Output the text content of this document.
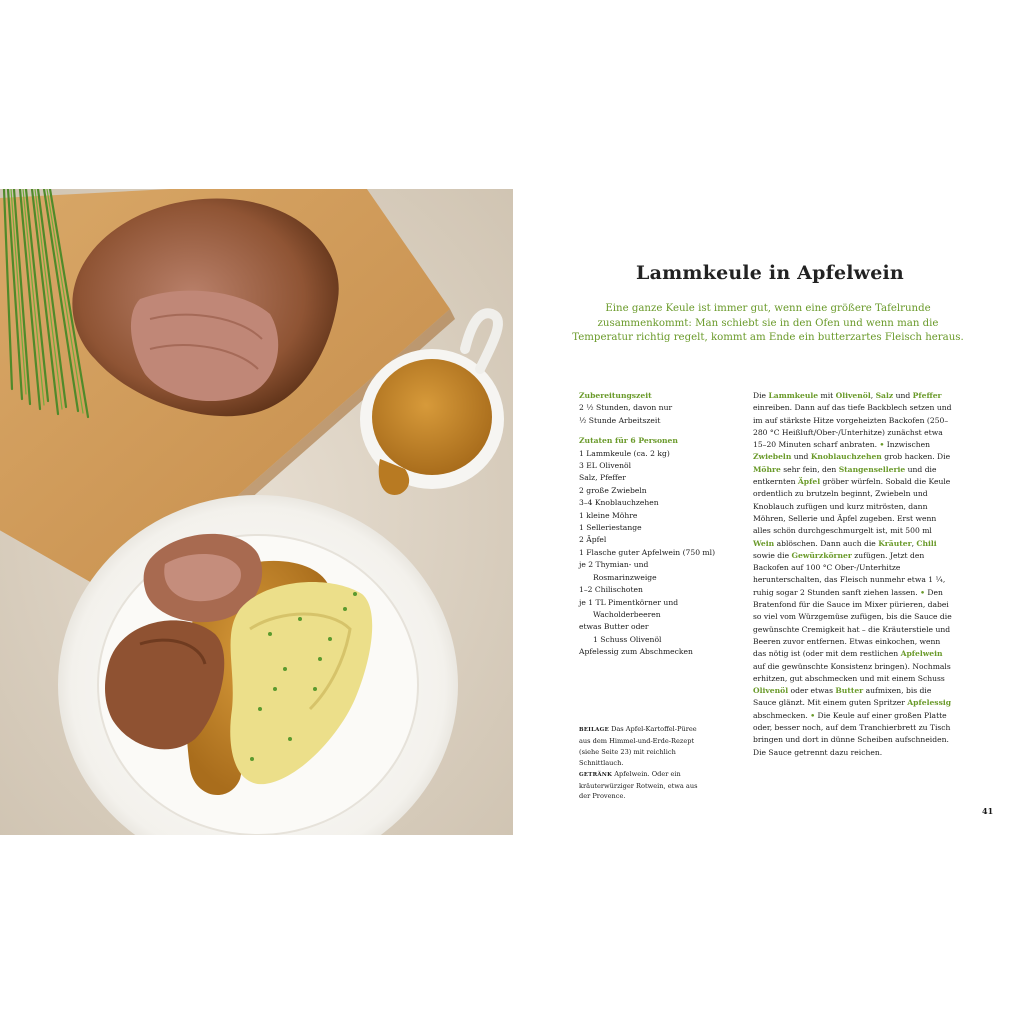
Lammkeule in Apfelwein
Eine ganze Keule ist immer gut, wenn eine größere Tafelrunde zusammenkommt: Man schiebt sie in den Ofen und wenn man die Temperatur richtig regelt, kommt am Ende ein butterzartes Fleisch heraus.
Zubereitungszeit
2 ½ Stunden, davon nur
½ Stunde Arbeitszeit
Zutaten für 6 Personen
1 Lammkeule (ca. 2 kg)
3 EL Olivenöl
Salz, Pfeffer
2 große Zwiebeln
3–4 Knoblauchzehen
1 kleine Möhre
1 Selleriestange
2 Äpfel
1 Flasche guter Apfelwein (750 ml)
je 2 Thymian- und
Rosmarinzweige
1–2 Chilischoten
je 1 TL Pimentkörner und
Wacholderbeeren
etwas Butter oder
1 Schuss Olivenöl
Apfelessig zum Abschmecken
BEILAGE Das Apfel-Kartoffel-Püree aus dem Himmel-und-Erde-Rezept (siehe Seite 23) mit reichlich Schnittlauch.
GETRÄNK Apfelwein. Oder ein kräuterwürziger Rotwein, etwa aus der Provence.
Die Lammkeule mit Olivenöl, Salz und Pfeffer einreiben. Dann auf das tiefe Backblech setzen und im auf stärkste Hitze vorgeheizten Backofen (250–280 °C Heißluft/Ober-/Unterhitze) zunächst etwa 15–20 Minuten scharf anbraten. • Inzwischen Zwiebeln und Knoblauchzehen grob hacken. Die Möhre sehr fein, den Stangensellerie und die entkernten Äpfel gröber würfeln. Sobald die Keule ordentlich zu brutzeln beginnt, Zwiebeln und Knoblauch zufügen und kurz mitrösten, dann Möhren, Sellerie und Äpfel zugeben. Erst wenn alles schön durchgeschmurgelt ist, mit 500 ml Wein ablöschen. Dann auch die Kräuter, Chili sowie die Gewürzkörner zufügen. Jetzt den Backofen auf 100 °C Ober-/Unterhitze herunterschalten, das Fleisch nunmehr etwa 1 ¼, ruhig sogar 2 Stunden sanft ziehen lassen. • Den Bratenfond für die Sauce im Mixer pürieren, dabei so viel vom Würzgemüse zufügen, bis die Sauce die gewünschte Cremigkeit hat – die Kräuterstiele und Beeren zuvor entfernen. Etwas einkochen, wenn das nötig ist (oder mit dem restlichen Apfelwein auf die gewünschte Konsistenz bringen). Nochmals erhitzen, gut abschmecken und mit einem Schuss Olivenöl oder etwas Butter aufmixen, bis die Sauce glänzt. Mit einem guten Spritzer Apfelessig abschmecken. • Die Keule auf einer großen Platte oder, besser noch, auf dem Tranchierbrett zu Tisch bringen und dort in dünne Scheiben aufschneiden. Die Sauce getrennt dazu reichen.
41
